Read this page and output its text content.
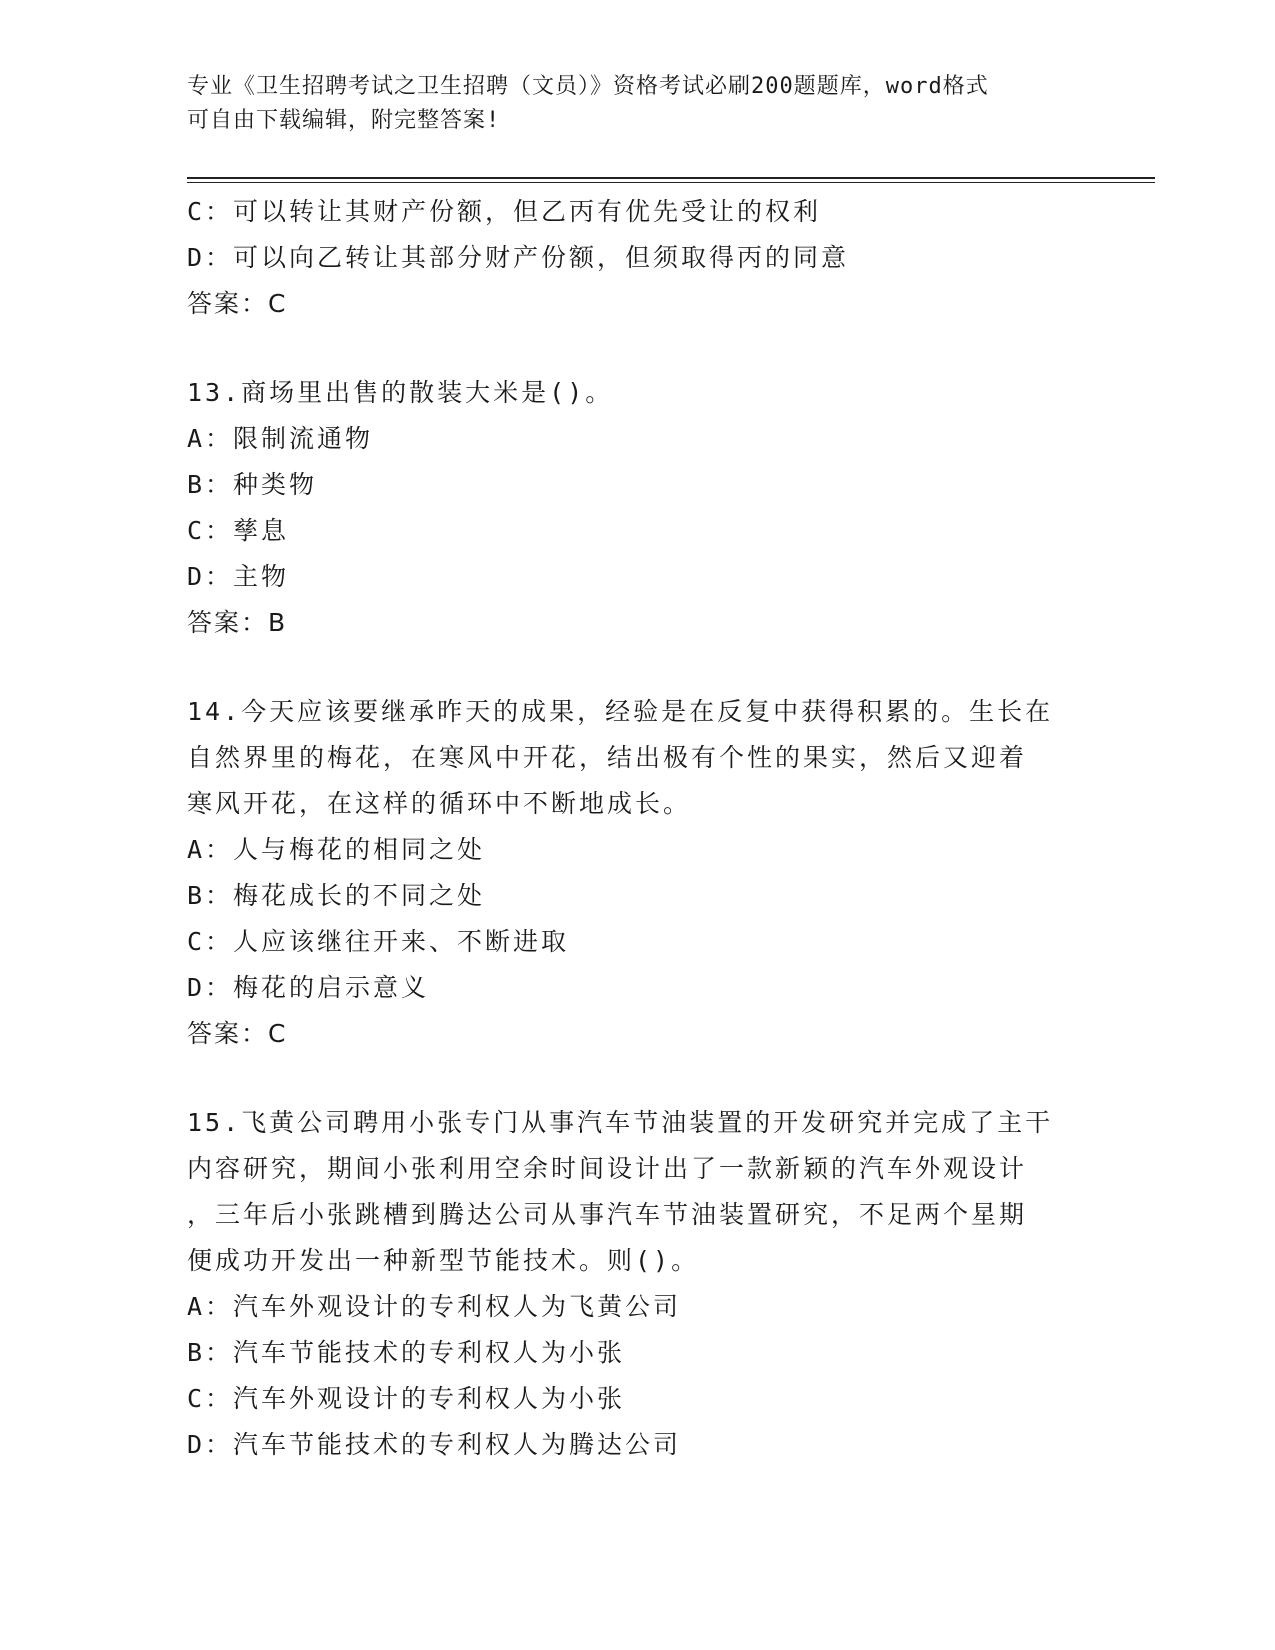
专业《卫生招聘考试之卫生招聘（文员）》资格考试必刷200题题库，word格式
可自由下载编辑，附完整答案!
C：可以转让其财产份额，但乙丙有优先受让的权利
D：可以向乙转让其部分财产份额，但须取得丙的同意
答案：C
13.商场里出售的散装大米是()。
A：限制流通物
B：种类物
C：孳息
D：主物
答案：B
14.今天应该要继承昨天的成果，经验是在反复中获得积累的。生长在
自然界里的梅花，在寒风中开花，结出极有个性的果实，然后又迎着
寒风开花，在这样的循环中不断地成长。
A：人与梅花的相同之处
B：梅花成长的不同之处
C：人应该继往开来、不断进取
D：梅花的启示意义
答案：C
15.飞黄公司聘用小张专门从事汽车节油装置的开发研究并完成了主干
内容研究，期间小张利用空余时间设计出了一款新颖的汽车外观设计
，三年后小张跳槽到腾达公司从事汽车节油装置研究，不足两个星期
便成功开发出一种新型节能技术。则()。
A：汽车外观设计的专利权人为飞黄公司
B：汽车节能技术的专利权人为小张
C：汽车外观设计的专利权人为小张
D：汽车节能技术的专利权人为腾达公司
